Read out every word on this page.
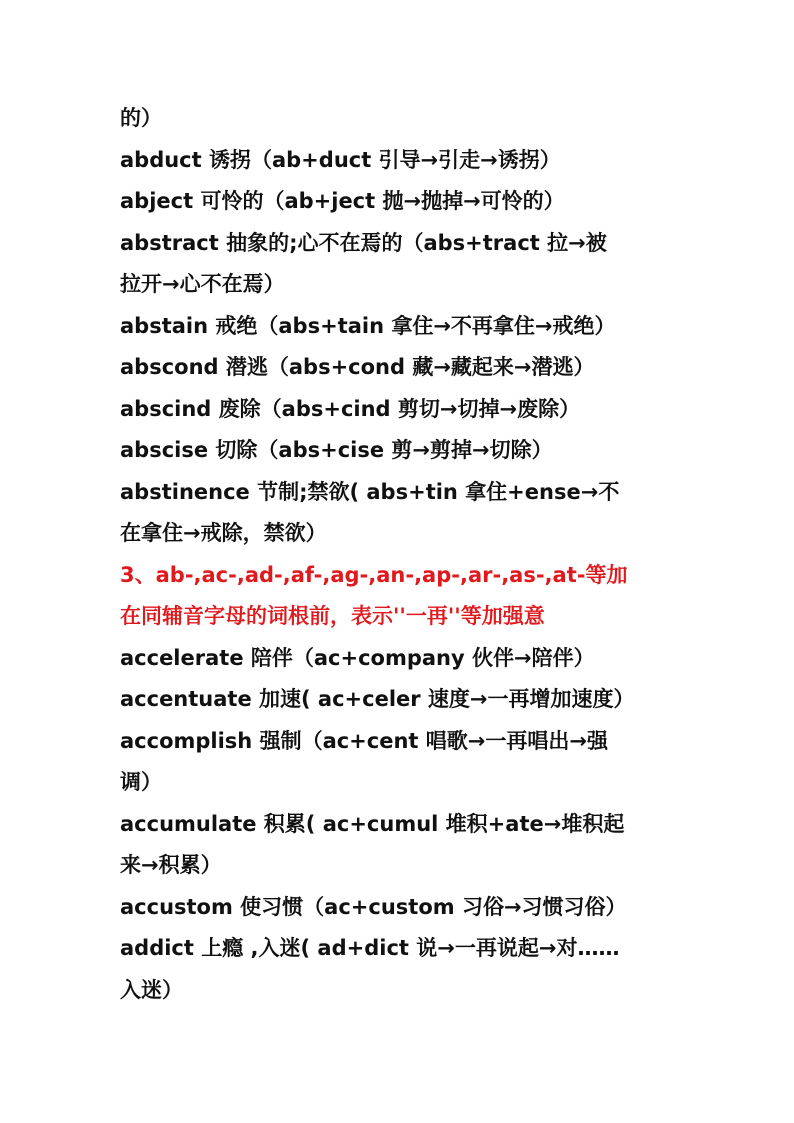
的）
abduct 诱拐（ab+duct 引导→引走→诱拐）
abject 可怜的（ab+ject 抛→抛掉→可怜的）
abstract 抽象的;心不在焉的（abs+tract 拉→被
拉开→心不在焉）
abstain 戒绝（abs+tain 拿住→不再拿住→戒绝）
abscond 潜逃（abs+cond 藏→藏起来→潜逃）
abscind 废除（abs+cind 剪切→切掉→废除）
abscise 切除（abs+cise 剪→剪掉→切除）
abstinence 节制;禁欲( abs+tin 拿住+ense→不
在拿住→戒除，禁欲）
3、ab-,ac-,ad-,af-,ag-,an-,ap-,ar-,as-,at-等加
在同辅音字母的词根前，表示''一再''等加强意
accelerate 陪伴（ac+company 伙伴→陪伴）
accentuate 加速( ac+celer 速度→一再增加速度）
accomplish 强制（ac+cent 唱歌→一再唱出→强
调）
accumulate 积累( ac+cumul 堆积+ate→堆积起
来→积累）
accustom 使习惯（ac+custom 习俗→习惯习俗）
addict 上瘾 ,入迷( ad+dict 说→一再说起→对……
入迷）
